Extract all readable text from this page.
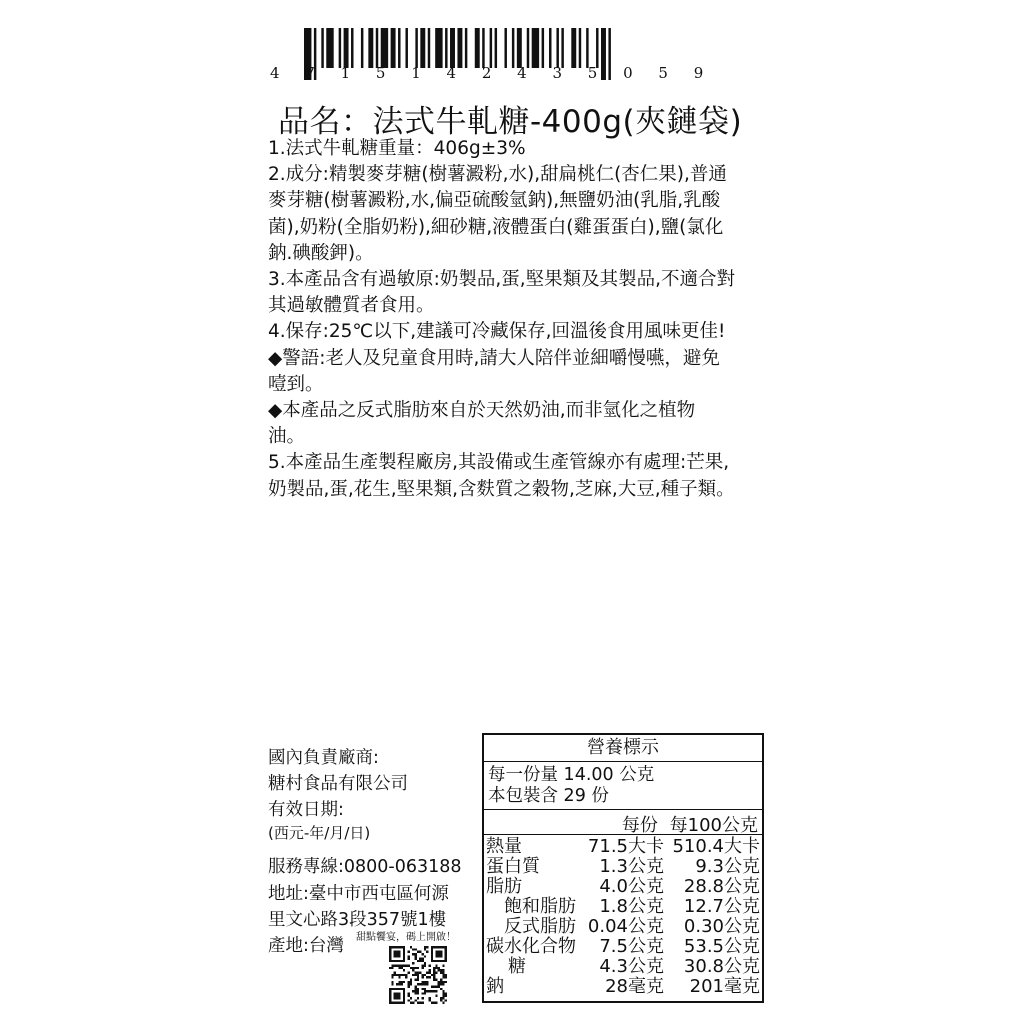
4 7 1 5 1 4 2 4 3 5 0 5 9
品名：法式牛軋糖-400g(夾鏈袋)
1.法式牛軋糖重量：406g±3%
2.成分:精製麥芽糖(樹薯澱粉,水),甜扁桃仁(杏仁果),普通
麥芽糖(樹薯澱粉,水,偏亞硫酸氫鈉),無鹽奶油(乳脂,乳酸
菌),奶粉(全脂奶粉),細砂糖,液體蛋白(雞蛋蛋白),鹽(氯化
鈉.碘酸鉀)。
3.本產品含有過敏原:奶製品,蛋,堅果類及其製品,不適合對
其過敏體質者食用。
4.保存:25℃以下,建議可冷藏保存,回溫後食用風味更佳!
◆警語:老人及兒童食用時,請大人陪伴並細嚼慢嚥，避免
噎到。
◆本產品之反式脂肪來自於天然奶油,而非氫化之植物
油。
5.本產品生產製程廠房,其設備或生產管線亦有處理:芒果,
奶製品,蛋,花生,堅果類,含麩質之穀物,芝麻,大豆,種子類。
國內負責廠商:
糖村食品有限公司
有效日期:
(西元-年/月/日)
服務專線:0800-063188
地址:臺中市西屯區何源
里文心路3段357號1樓
產地:台灣 甜點饗宴，碼上開啟！
營養標示
每一份量 14.00 公克
本包裝含 29 份
每份 每100公克
熱量	71.5大卡 510.4大卡
蛋白質	1.3公克 9.3公克
脂肪	4.0公克 28.8公克
飽和脂肪 1.8公克 12.7公克
反式脂肪 0.04公克 0.30公克
碳水化合物 7.5公克 53.5公克
糖	4.3公克 30.8公克
鈉	28毫克 201毫克
